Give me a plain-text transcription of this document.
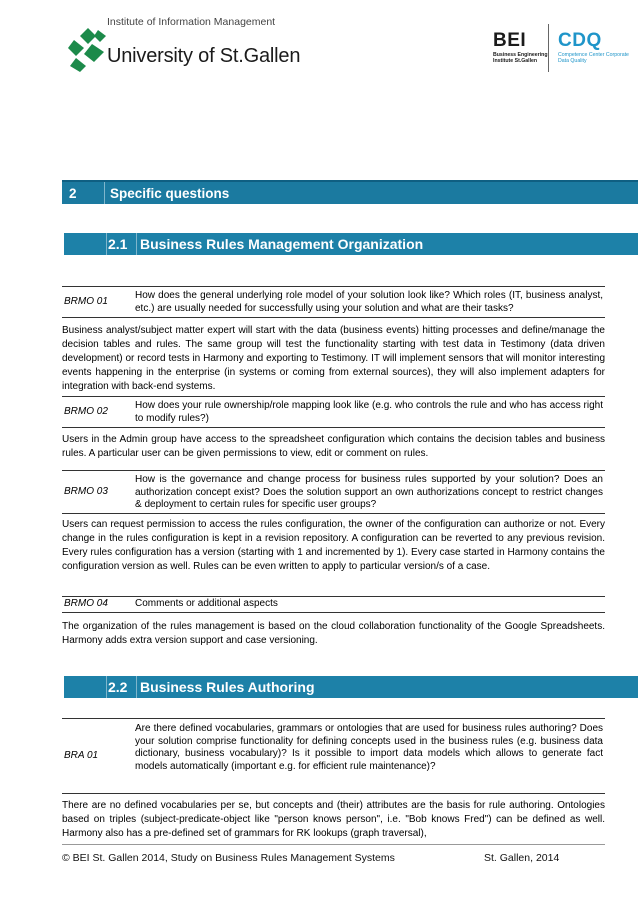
Institute of Information Management
University of St.Gallen
BEI
Business Engineering
Institute St.Gallen
CDQ
Competence Center Corporate Data Quality
2 Specific questions
2.1 Business Rules Management Organization
BRMO 01
How does the general underlying role model of your solution look like? Which roles (IT, business analyst, etc.) are usually needed for successfully using your solution and what are their tasks?
Business analyst/subject matter expert will start with the data (business events) hitting processes and define/manage the decision tables and rules. The same group will test the functionality starting with test data in Testimony (data driven development) or record tests in Harmony and exporting to Testimony. IT will implement sensors that will monitor interesting events happening in the enterprise (in systems or coming from external sources), they will also implement adapters for integration with back-end systems.
BRMO 02
How does your rule ownership/role mapping look like (e.g. who controls the rule and who has access right to modify rules?)
Users in the Admin group have access to the spreadsheet configuration which contains the decision tables and business rules. A particular user can be given permissions to view, edit or comment on rules.
BRMO 03
How is the governance and change process for business rules supported by your solution? Does an authorization concept exist? Does the solution support an own authorizations concept to restrict changes & deployment to certain rules for specific user groups?
Users can request permission to access the rules configuration, the owner of the configuration can authorize or not. Every change in the rules configuration is kept in a revision repository. A configuration can be reverted to any previous revision. Every rules configuration has a version (starting with 1 and incremented by 1). Every case started in Harmony contains the configuration version as well. Rules can be even written to apply to particular version/s of a case.
BRMO 04	Comments or additional aspects
The organization of the rules management is based on the cloud collaboration functionality of the Google Spreadsheets. Harmony adds extra version support and case versioning.
2.2 Business Rules Authoring
BRA 01
Are there defined vocabularies, grammars or ontologies that are used for business rules authoring? Does your solution comprise functionality for defining concepts used in the business rules (e.g. business data dictionary, business vocabulary)? Is it possible to import data models which allows to generate fact models automatically (important e.g. for efficient rule maintenance)?
There are no defined vocabularies per se, but concepts and (their) attributes are the basis for rule authoring. Ontologies based on triples (subject-predicate-object like "person knows person", i.e. "Bob knows Fred") can be defined as well. Harmony also has a pre-defined set of grammars for RK lookups (graph traversal),
© BEI St. Gallen 2014, Study on Business Rules Management Systems	St. Gallen, 2014
